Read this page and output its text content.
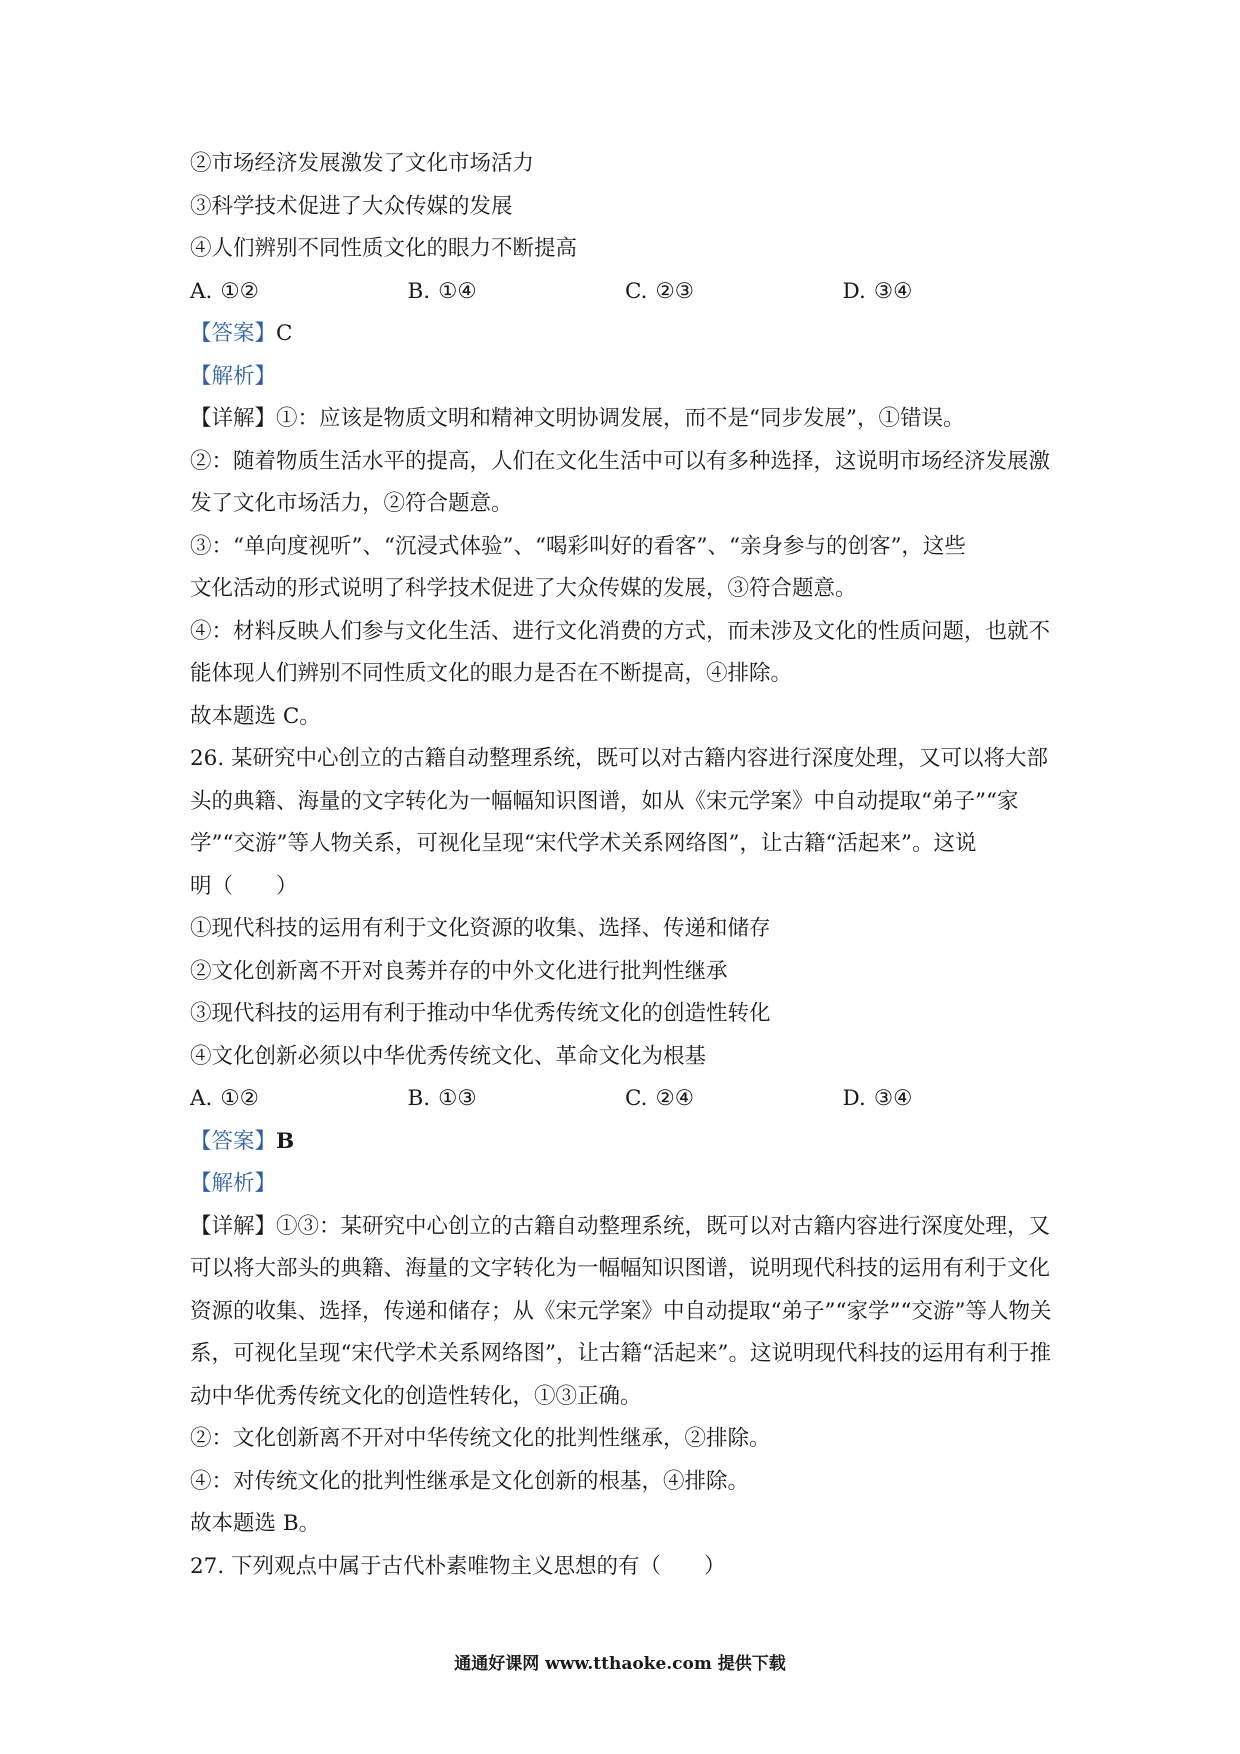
②市场经济发展激发了文化市场活力
③科学技术促进了大众传媒的发展
④人们辨别不同性质文化的眼力不断提高
A. ①②	B. ①④	C. ②③	D. ③④
【答案】C
【解析】
【详解】①：应该是物质文明和精神文明协调发展，而不是“同步发展”，①错误。
②：随着物质生活水平的提高，人们在文化生活中可以有多种选择，这说明市场经济发展激
发了文化市场活力，②符合题意。
③：“单向度视听”、“沉浸式体验”、“喝彩叫好的看客”、“亲身参与的创客”，这些
文化活动的形式说明了科学技术促进了大众传媒的发展，③符合题意。
④：材料反映人们参与文化生活、进行文化消费的方式，而未涉及文化的性质问题，也就不
能体现人们辨别不同性质文化的眼力是否在不断提高，④排除。
故本题选 C。
26. 某研究中心创立的古籍自动整理系统，既可以对古籍内容进行深度处理，又可以将大部
头的典籍、海量的文字转化为一幅幅知识图谱，如从《宋元学案》中自动提取“弟子”“家
学”“交游”等人物关系，可视化呈现“宋代学术关系网络图”，让古籍“活起来”。这说
明（　　）
①现代科技的运用有利于文化资源的收集、选择、传递和储存
②文化创新离不开对良莠并存的中外文化进行批判性继承
③现代科技的运用有利于推动中华优秀传统文化的创造性转化
④文化创新必须以中华优秀传统文化、革命文化为根基
A. ①②	B. ①③	C. ②④	D. ③④
【答案】B
【解析】
【详解】①③：某研究中心创立的古籍自动整理系统，既可以对古籍内容进行深度处理，又
可以将大部头的典籍、海量的文字转化为一幅幅知识图谱，说明现代科技的运用有利于文化
资源的收集、选择，传递和储存；从《宋元学案》中自动提取“弟子”“家学”“交游”等人物关
系，可视化呈现“宋代学术关系网络图”，让古籍“活起来”。这说明现代科技的运用有利于推
动中华优秀传统文化的创造性转化，①③正确。
②：文化创新离不开对中华传统文化的批判性继承，②排除。
④：对传统文化的批判性继承是文化创新的根基，④排除。
故本题选 B。
27. 下列观点中属于古代朴素唯物主义思想的有（　　）
通通好课网 www.tthaoke.com 提供下载
